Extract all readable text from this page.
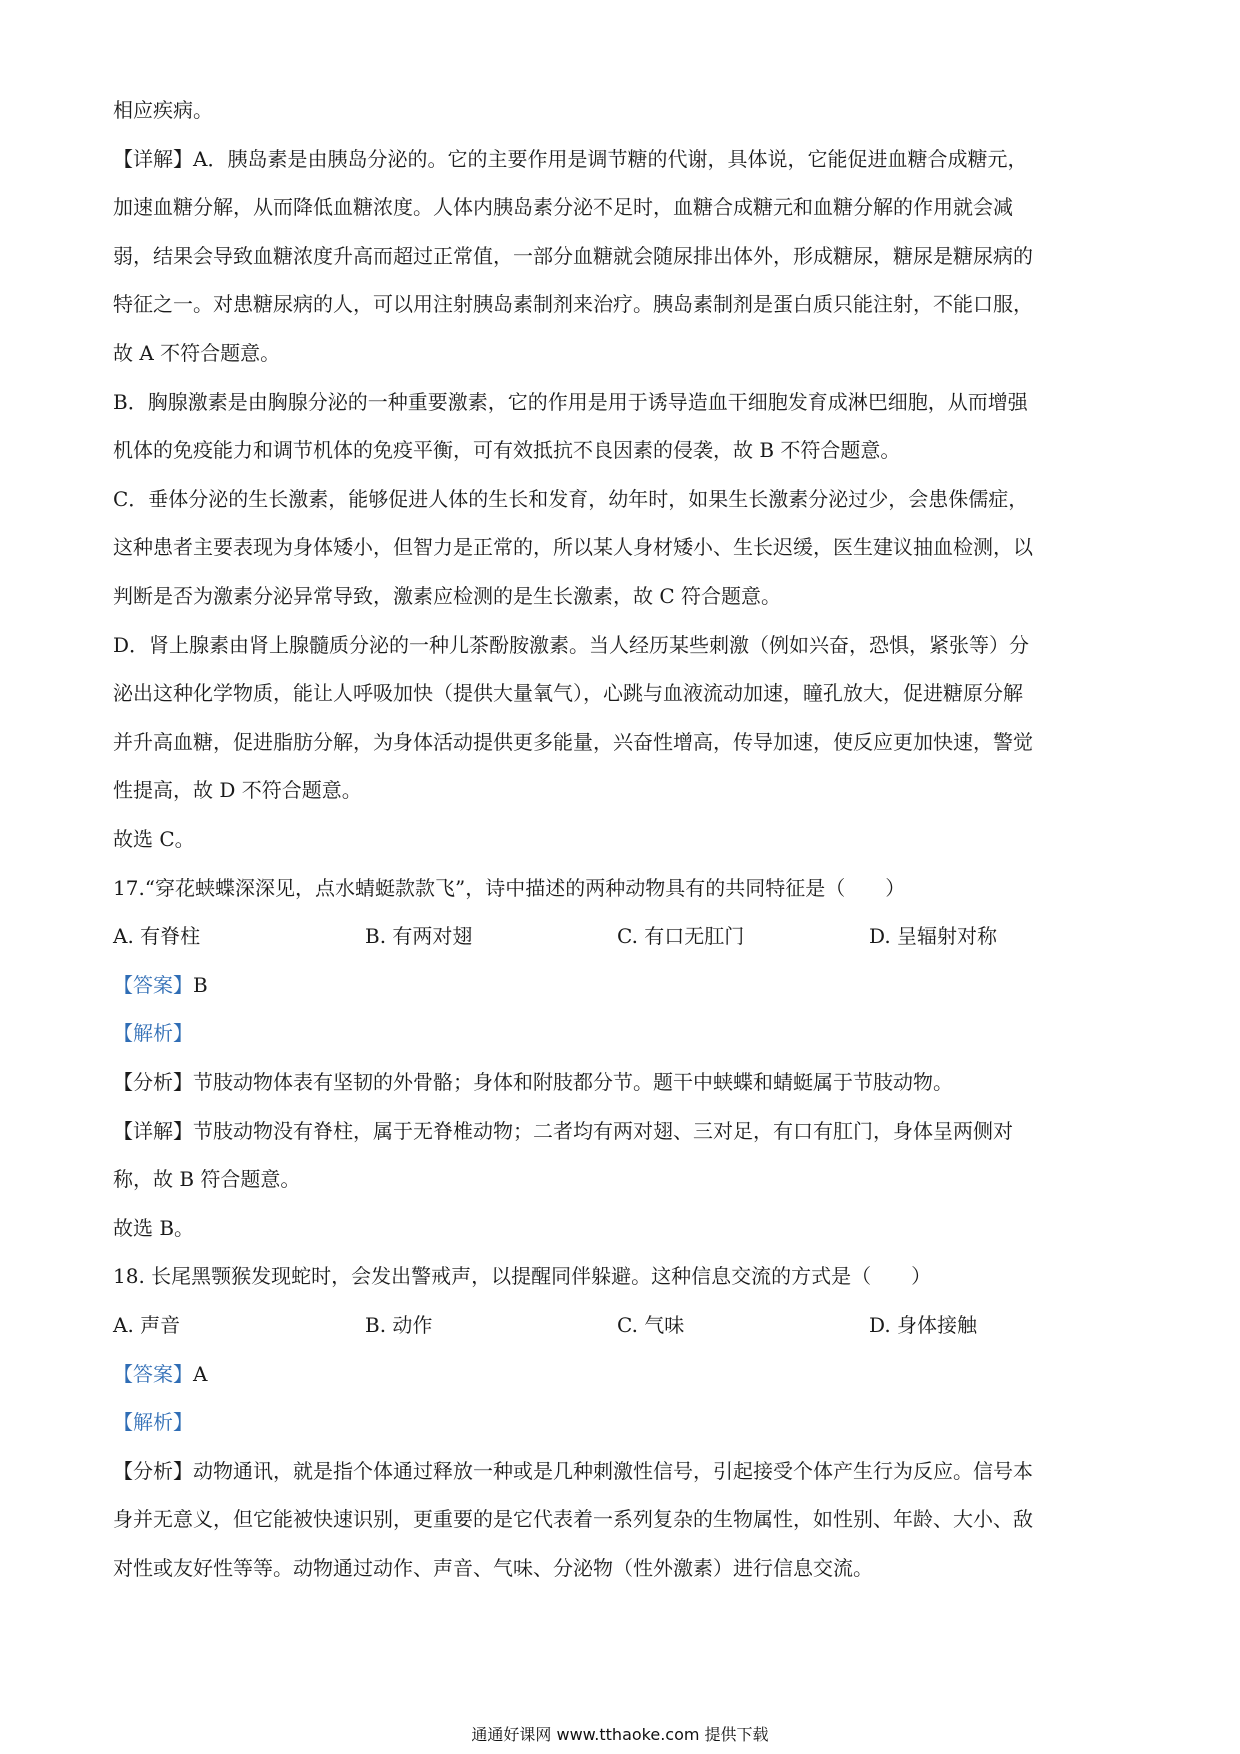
相应疾病。
【详解】A．胰岛素是由胰岛分泌的。它的主要作用是调节糖的代谢，具体说，它能促进血糖合成糖元，
加速血糖分解，从而降低血糖浓度。人体内胰岛素分泌不足时，血糖合成糖元和血糖分解的作用就会减
弱，结果会导致血糖浓度升高而超过正常值，一部分血糖就会随尿排出体外，形成糖尿，糖尿是糖尿病的
特征之一。对患糖尿病的人，可以用注射胰岛素制剂来治疗。胰岛素制剂是蛋白质只能注射，不能口服，
故 A 不符合题意。
B．胸腺激素是由胸腺分泌的一种重要激素，它的作用是用于诱导造血干细胞发育成淋巴细胞，从而增强
机体的免疫能力和调节机体的免疫平衡，可有效抵抗不良因素的侵袭，故 B 不符合题意。
C．垂体分泌的生长激素，能够促进人体的生长和发育，幼年时，如果生长激素分泌过少，会患侏儒症，
这种患者主要表现为身体矮小，但智力是正常的，所以某人身材矮小、生长迟缓，医生建议抽血检测，以
判断是否为激素分泌异常导致，激素应检测的是生长激素，故 C 符合题意。
D．肾上腺素由肾上腺髓质分泌的一种儿茶酚胺激素。当人经历某些刺激（例如兴奋，恐惧，紧张等）分
泌出这种化学物质，能让人呼吸加快（提供大量氧气），心跳与血液流动加速，瞳孔放大，促进糖原分解
并升高血糖，促进脂肪分解，为身体活动提供更多能量，兴奋性增高，传导加速，使反应更加快速，警觉
性提高，故 D 不符合题意。
故选 C。
17.“穿花蛱蝶深深见，点水蜻蜓款款飞”，诗中描述的两种动物具有的共同特征是（　　）
A. 有脊柱	B. 有两对翅	C. 有口无肛门	D. 呈辐射对称
【答案】B
【解析】
【分析】节肢动物体表有坚韧的外骨骼；身体和附肢都分节。题干中蛱蝶和蜻蜓属于节肢动物。
【详解】节肢动物没有脊柱，属于无脊椎动物；二者均有两对翅、三对足，有口有肛门，身体呈两侧对
称，故 B 符合题意。
故选 B。
18. 长尾黑颚猴发现蛇时，会发出警戒声，以提醒同伴躲避。这种信息交流的方式是（　　）
A. 声音	B. 动作	C. 气味	D. 身体接触
【答案】A
【解析】
【分析】动物通讯，就是指个体通过释放一种或是几种刺激性信号，引起接受个体产生行为反应。信号本
身并无意义，但它能被快速识别，更重要的是它代表着一系列复杂的生物属性，如性别、年龄、大小、敌
对性或友好性等等。动物通过动作、声音、气味、分泌物（性外激素）进行信息交流。
通通好课网 www.tthaoke.com 提供下载
